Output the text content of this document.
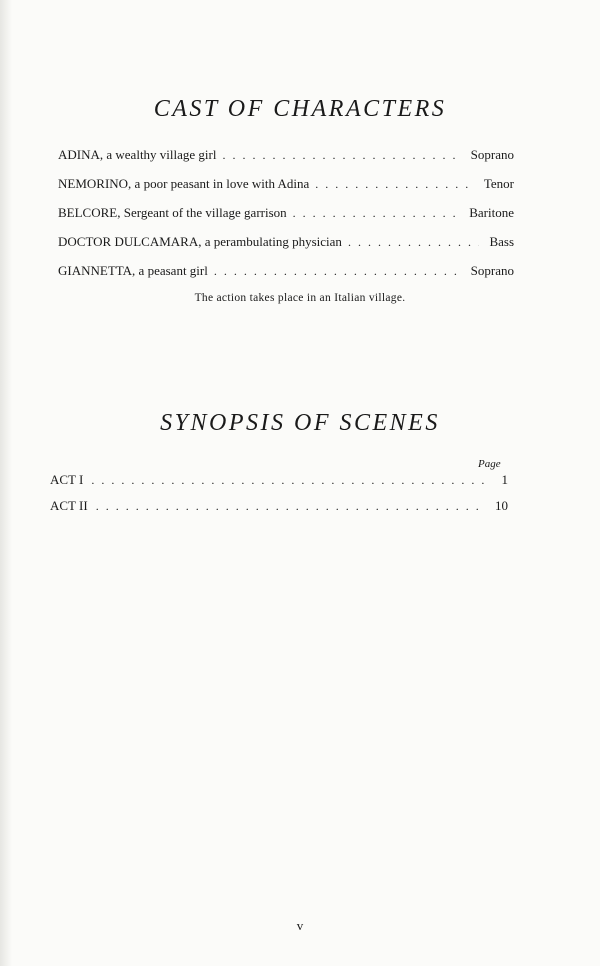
CAST OF CHARACTERS
ADINA, a wealthy village girl . . .	Soprano
NEMORINO, a poor peasant in love with Adina . . .	Tenor
BELCORE, Sergeant of the village garrison . . .	Baritone
DOCTOR DULCAMARA, a perambulating physician . . .	Bass
GIANNETTA, a peasant girl . . .	Soprano
The action takes place in an Italian village.
SYNOPSIS OF SCENES
Page
ACT I . . .	1
ACT II . . .	10
v
